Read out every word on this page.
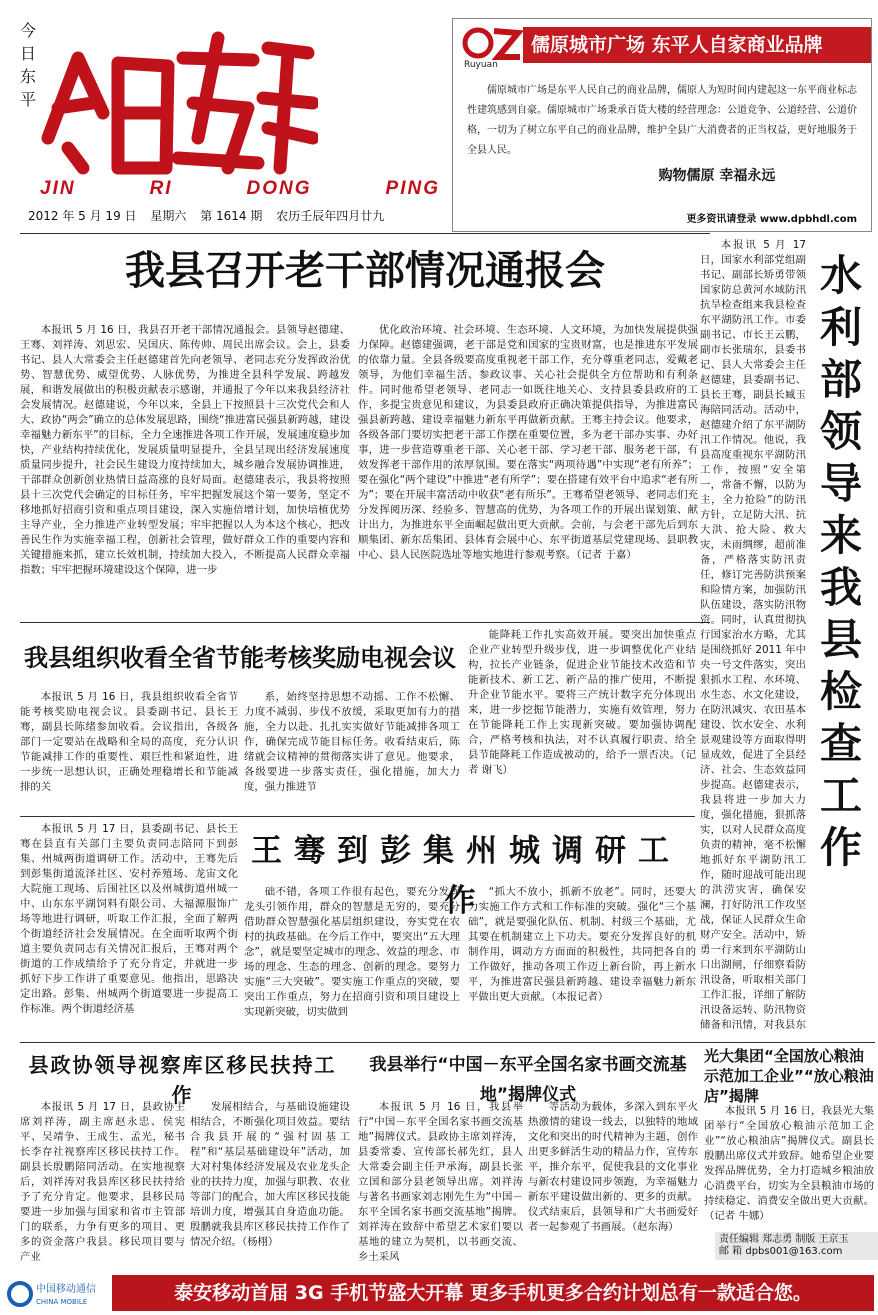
今日东平
JIN	RI	DONG	PING
2012 年 5 月 19 日 星期六 第 1614 期 农历壬辰年四月廿九
Ruyuan
儒原城市广场 东平人自家商业品牌
儒原城市广场是东平人民自己的商业品牌，儒原人为短时间内建起这一东平商业标志性建筑感到自豪。儒原城市广场秉承百货大楼的经营理念：公道竞争、公道经营、公道价格，一切为了树立东平自己的商业品牌，维护全县广大消费者的正当权益，更好地服务于全县人民。
购物儒原 幸福永远
更多资讯请登录 www.dpbhdl.com
我县召开老干部情况通报会

本报讯 5 月 16 日，我县召开老干部情况通报会。县领导赵德建、王骞、刘祥涛、刘思宏、吴国庆、陈传帅、周民出席会议。会上，县委书记、县人大常委会主任赵德建首先向老领导、老同志充分发挥政治优势、智慧优势、威望优势、人脉优势，为推进全县科学发展、跨越发展，和谐发展做出的积极贡献表示感谢，并通报了今年以来我县经济社会发展情况。赵德建说，今年以来，全县上下按照县十三次党代会和人大、政协“两会”确立的总体发展思路，围绕“推进富民强县新跨越，建设幸福魅力新东平”的目标，全力全速推进各项工作开展，发展速度稳步加快，产业结构持续优化，发展质量明显提升，全县呈现出经济发展速度质量同步提升，社会民生建设力度持续加大，城乡融合发展协调推进，干部群众创新创业热情日益高涨的良好局面。赵德建表示，我县将按照县十三次党代会确定的目标任务，牢牢把握发展这个第一要务，坚定不移地抓好招商引资和重点项目建设，深入实施倍增计划，加快培植优势主导产业，全力推进产业转型发展；牢牢把握以人为本这个核心，把改善民生作为实施幸福工程，创新社会管理，做好群众工作的重要内容和关键措施来抓，建立长效机制，持续加大投入，不断提高人民群众幸福指数；牢牢把握环境建设这个保障，进一步

优化政治环境、社会环境、生态环境、人文环境，为加快发展提供强力保障。赵德建强调，老干部是党和国家的宝贵财富，也是推进东平发展的依靠力量。全县各级要高度重视老干部工作，充分尊重老同志，爱戴老领导，为他们幸福生活、参政议事、关心社会提供全方位帮助和有利条件。同时他希望老领导、老同志一如既往地关心、支持县委县政府的工作，多提宝贵意见和建议，为县委县政府正确决策提供指导，为推进富民强县新跨越、建设幸福魅力新东平再做新贡献。王骞主持会议。他要求，各级各部门要切实把老干部工作摆在重要位置，多为老干部办实事、办好事，进一步营造尊重老干部、关心老干部、学习老干部、服务老干部，有效发挥老干部作用的浓厚氛围。要在落实“两项待遇”中实现“老有所养”；要在强化“两个建设”中推进“老有所学”；要在搭建有效平台中追求“老有所为”；要在开展丰富活动中收获“老有所乐”。王骞希望老领导、老同志们充分发挥阅历深、经验多、智慧高的优势，为各项工作的开展出谋划策、献计出力，为推进东平全面崛起做出更大贡献。会前，与会老干部先后到东顺集团、新东岳集团、县体育会展中心、东平街道基层党建现场、县职教中心、县人民医院选址等地实地进行参观考察。（记者 于嘉）

本报讯 5 月 17 日，国家水利部党组副书记、副部长矫勇带领国家防总黄河水域防汛抗旱检查组来我县检查东平湖防汛工作。市委副书记、市长王云鹏，副市长张瑞东，县委书记、县人大常委会主任赵德建，县委副书记、县长王骞，副县长臧玉海陪同活动。活动中，赵德建介绍了东平湖防汛工作情况。他说，我县高度重视东平湖防汛工作，按照“安全第一，常备不懈，以防为主，全力抢险”的防汛方针，立足防大汛、抗大洪、抢大险、救大灾，未雨绸缪，超前准备，严格落实防汛责任，修订完善防洪预案和险情方案，加强防汛队伍建设，落实防汛物资。同时，认真贯彻执行国家治水方略，尤其是围绕抓好 2011 年中央一号文件落实，突出狠抓水工程、水环境、水生态、水文化建设，在防汛减灾、农田基本建设、饮水安全、水利景观建设等方面取得明显成效，促进了全县经济、社会、生态效益同步提高。赵德建表示，我县将进一步加大力度，强化措施，狠抓落实，以对人民群众高度负责的精神，毫不松懈地抓好东平湖防汛工作，随时迎战可能出现的洪涝灾害，确保安澜，打好防汛工作攻坚战，保证人民群众生命财产安全。活动中，矫勇一行来到东平湖防山口出湖闸，仔细察看防汛设备，听取相关部门工作汇报，详细了解防汛设备运转、防汛物资储备和汛情，对我县东

水利部领导来我县检查工作
我县组织收看全省节能考核奖励电视会议

本报讯 5 月 16 日，我县组织收看全省节能考核奖励电视会议。县委副书记、县长王骞，副县长陈绪参加收看。会议指出，各级各部门一定要站在战略和全局的高度，充分认识节能减排工作的重要性、艰巨性和紧迫性，进一步统一思想认识，正确处理稳增长和节能减排的关

系，始终坚持思想不动摇、工作不松懈、力度不减弱、步伐不放缓，采取更加有力的措施，全力以赴、扎扎实实做好节能减排各项工作，确保完成节能目标任务。收看结束后，陈绪就会议精神的贯彻落实讲了意见。他要求，各级要进一步落实责任，强化措施，加大力度，强力推进节

能降耗工作扎实高效开展。要突出加快重点企业产业转型升级步伐，进一步调整优化产业结构，拉长产业链条，促进企业节能技术改造和节能新技术、新工艺、新产品的推广使用，不断提升企业节能水平。要将三产统计数字充分体现出来，进一步挖掘节能潜力，实施有效管理，努力在节能降耗工作上实现新突破。要加强协调配合，严格考核和执法，对不认真履行职责、给全县节能降耗工作造成被动的，给予一票否决。（记者 谢飞）

王骞到彭集州城调研工作

本报讯 5 月 17 日，县委副书记、县长王骞在县直有关部门主要负责同志陪同下到彭集、州城两街道调研工作。活动中，王骞先后到彭集街道流泽社区、安村养殖场、龙宙文化大院施工现场、后围社区以及州城街道州城一中、山东东平湖饲料有限公司、大福源服饰广场等地进行调研，听取工作汇报，全面了解两个街道经济社会发展情况。在全面听取两个街道主要负责同志有关情况汇报后，王骞对两个街道的工作成绩给予了充分肯定，并就进一步抓好下步工作讲了重要意见。他指出，思路决定出路。彭集、州城两个街道要进一步提高工作标准。两个街道经济基

础不错，各项工作很有起色，要充分发挥龙头引领作用，群众的智慧是无穷的，要充分借助群众智慧强化基层组织建设，夯实党在农村的执政基础。在今后工作中，要突出“五大理念”，就是要坚定城市的理念、效益的理念、市场的理念、生态的理念、创新的理念。要努力实施“三大突破”。要实施工作重点的突破，要突出工作重点，努力在招商引资和项目建设上实现新突破，切实做到

“抓大不放小，抓新不放老”。同时，还要大力实施工作方式和工作标准的突破。强化“三个基础”，就是要强化队伍、机制、村级三个基础，尤其要在机制建立上下功夫。要充分发挥良好的机制作用，调动方方面面的积极性，共同把各自的工作做好，推动各项工作迈上新台阶，再上新水平，为推进富民强县新跨越、建设幸福魅力新东平做出更大贡献。（本报记者）

县政协领导视察库区移民扶持工作

本报讯 5 月 17 日，县政协主席刘祥涛，副主席赵永忠、侯宪平、吴靖争、王成生、孟光，秘书长李存社视察库区移民扶持工作。副县长殷鹏陪同活动。在实地视察后，刘祥涛对我县库区移民扶持给予了充分肯定。他要求，县移民局要进一步加强与国家和省市主管部门的联系，力争有更多的项目、更多的资金落户我县。移民项目要与产业

发展相结合，与基础设施建设相结合，不断强化项目效益。要结合我县开展的“强村固基工程”和“基层基础建设年”活动，加大对村集体经济发展及农业龙头企业的扶持力度，加强与职教、农业等部门的配合，加大库区移民技能培训力度，增强其自身造血功能。殷鹏就我县库区移民扶持工作作了情况介绍。（杨栩）

我县举行“中国－东平全国名家书画交流基地”揭牌仪式

本报讯 5 月 16 日，我县举行“中国－东平全国名家书画交流基地”揭牌仪式。县政协主席刘祥涛，县委常委、宣传部长郝先红，县人大常委会副主任尹承海，副县长张立国和部分县老领导出席。刘祥涛与著名书画家刘志刚先生为“中国－东平全国名家书画交流基地”揭牌。刘祥涛在致辞中希望艺术家们要以基地的建立为契机，以书画交流、乡土采风

等活动为载体，多深入到东平火热激情的建设一线去，以独特的地域文化和突出的时代精神为主题，创作出更多鲜活生动的精品力作，宣传东平，推介东平，促使我县的文化事业与新农村建设同步领跑，为幸福魅力新东平建设做出新的、更多的贡献。仪式结束后，县领导和广大书画爱好者一起参观了书画展。（赵东海）

光大集团“全国放心粮油示范加工企业”“放心粮油店”揭牌

本报讯 5 月 16 日，我县光大集团举行“全国放心粮油示范加工企业”“放心粮油店”揭牌仪式。副县长殷鹏出席仪式并致辞。她希望企业要发挥品牌优势，全力打造城乡粮油放心消费平台，切实为全县粮油市场的持续稳定、消费安全做出更大贡献。（记者 牛娜）

责任编辑 郑志勇 制版 王京玉
邮 箱 dpbs001@163.com
中国移动通信
CHINA MOBILE	泰安移动首届 3G 手机节盛大开幕 更多手机更多合约计划总有一款适合您。
